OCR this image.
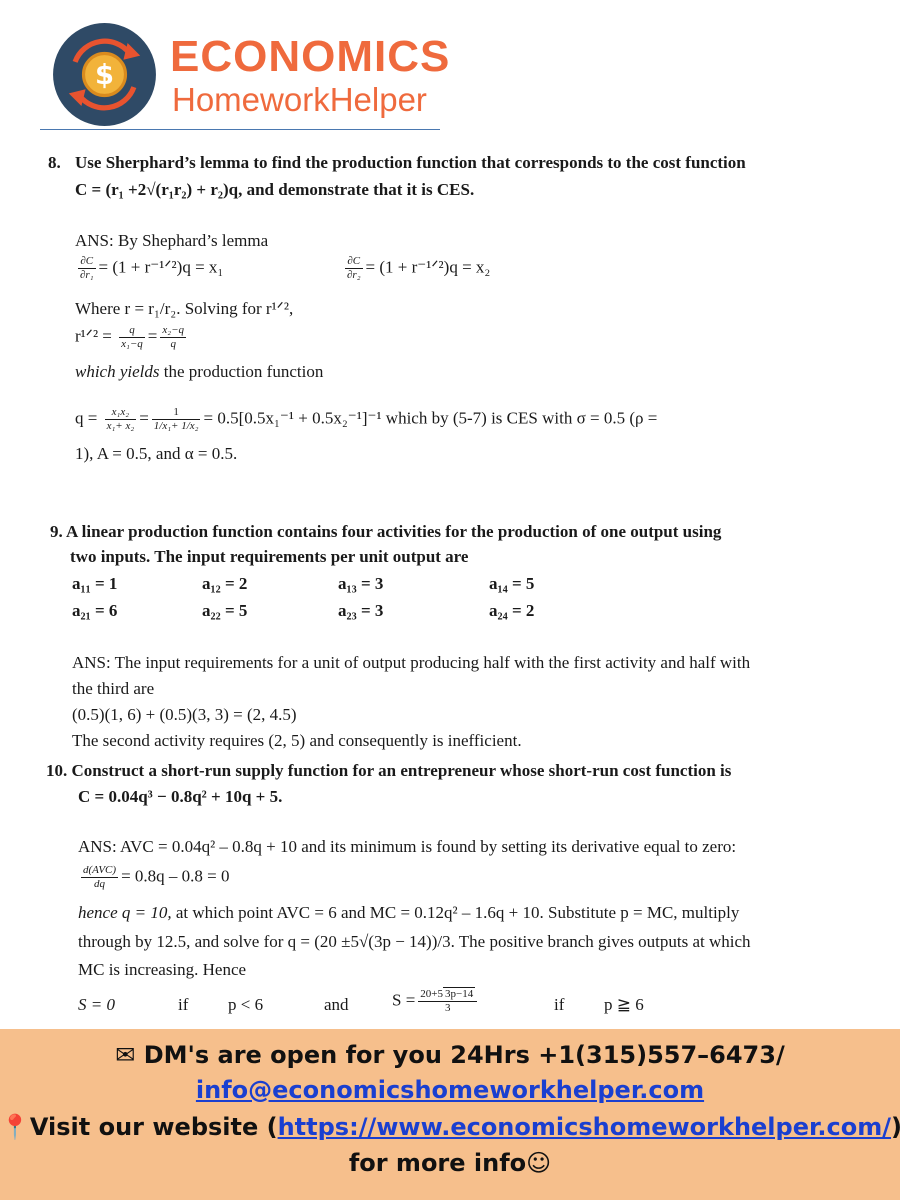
$ ECONOMICS
HomeworkHelper
8. Use Sherphard’s lemma to find the production function that corresponds to the cost function
C = (r₁ +2√(r₁r₂) + r₂)q, and demonstrate that it is CES.
ANS: By Shephard’s lemma
$\frac{\partial C}{\text{∂r₁}} = (1$ + r⁻¹ᐟ²)q = x₁	$\frac{\partial C}{\text{∂r₂}} = (1$ + r⁻¹ᐟ²)q = x₂
Where r = r₁/r₂. Solving for r¹ᐟ²,
r¹ᐟ² = $\frac{q}{\text{x₁−q}} = \frac{\text{x₂−q}}{q}$
which yields the production function
$q = \frac{\text{x₁x₂}}{\text{x₁+ x₂}} = \frac{1}{\text{1/x₁+ 1/x₂}} = 0.5[0.5x_1^{-1} + 0.5x_2^{-1}]^{-1}$ which by (5-7) is CES with σ = 0.5 (ρ =
1), A = 0.5, and α = 0.5.
9. A linear production function contains four activities for the production of one output using
two inputs. The input requirements per unit output are
a₁₁ = 1	a₁₂ = 2	a₁₃ = 3	a₁₄ = 5
a₂₁ = 6	a₂₂ = 5	a₂₃ = 3	a₂₄ = 2
ANS: The input requirements for a unit of output producing half with the first activity and half with
the third are
(0.5)(1, 6) + (0.5)(3, 3) = (2, 4.5)
The second activity requires (2, 5) and consequently is inefficient.
10. Construct a short-run supply function for an entrepreneur whose short-run cost function is
C = 0.04q³ − 0.8q² + 10q + 5.
ANS: AVC = 0.04q² – 0.8q + 10 and its minimum is found by setting its derivative equal to zero:
$\frac{\text{d(AVC)}}{dq} = 0.8q - 0.8 = 0$
hence q = 10, at which point AVC = 6 and MC = 0.12q² – 1.6q + 10. Substitute p = MC, multiply
through by 12.5, and solve for q = (20 ±5√(3p − 14))/3. The positive branch gives outputs at which
MC is increasing. Hence
S = 0	if p < 6	and	$S = \frac{20+5 3p-14}{3}$	if p ≧ 6
✉ DM's are open for you 24Hrs +1(315)557–6473/
info@economicshomeworkhelper.com
📍Visit our website (https://www.economicshomeworkhelper.com/)
for more info☺
